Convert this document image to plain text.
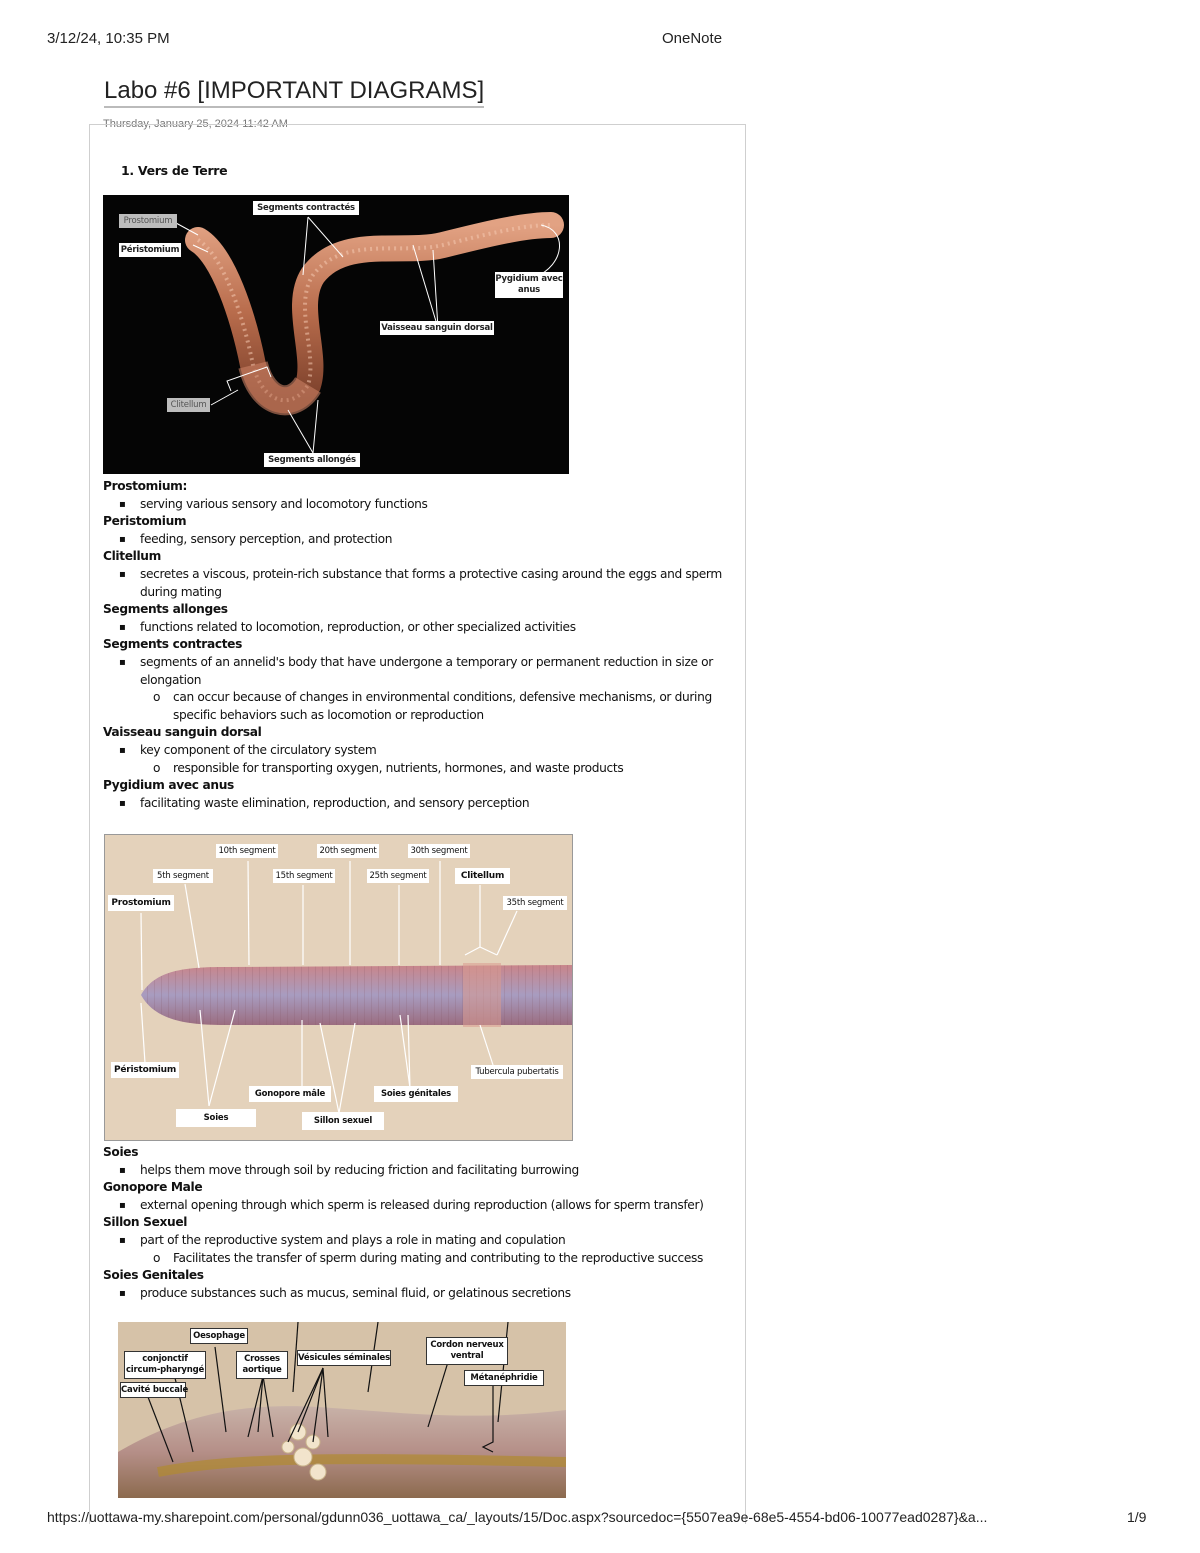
3/12/24, 10:35 PM	OneNote
Labo #6 [IMPORTANT DIAGRAMS]
Thursday, January 25, 2024 11:42 AM
1. Vers de Terre
Prostomium
Péristomium
Segments contractés
Pygidium avec anus
Vaisseau sanguin dorsal
Clitellum
Segments allongés
Prostomium:
▪ serving various sensory and locomotory functions
Peristomium
▪ feeding, sensory perception, and protection
Clitellum
▪ secretes a viscous, protein-rich substance that forms a protective casing around the eggs and sperm
during mating
Segments allonges
▪ functions related to locomotion, reproduction, or other specialized activities
Segments contractes
▪ segments of an annelid's body that have undergone a temporary or permanent reduction in size or
elongation
o can occur because of changes in environmental conditions, defensive mechanisms, or during
specific behaviors such as locomotion or reproduction
Vaisseau sanguin dorsal
▪ key component of the circulatory system
o responsible for transporting oxygen, nutrients, hormones, and waste products
Pygidium avec anus
▪ facilitating waste elimination, reproduction, and sensory perception
10th segment	20th segment	30th segment
5th segment	15th segment	25th segment	Clitellum
35th segment
Prostomium
Péristomium	Tubercula pubertatis
Gonopore mâle	Soies génitales
Soies	Sillon sexuel
Soies
▪ helps them move through soil by reducing friction and facilitating burrowing
Gonopore Male
▪ external opening through which sperm is released during reproduction (allows for sperm transfer)
Sillon Sexuel
▪ part of the reproductive system and plays a role in mating and copulation
o Facilitates the transfer of sperm during mating and contributing to the reproductive success
Soies Genitales
▪ produce substances such as mucus, seminal fluid, or gelatinous secretions
Oesophage
conjonctif circum-pharyngé
Crosses aortique
Vésicules séminales
Cordon nerveux ventral
Métanéphridie
Cavité buccale
https://uottawa-my.sharepoint.com/personal/gdunn036_uottawa_ca/_layouts/15/Doc.aspx?sourcedoc={5507ea9e-68e5-4554-bd06-10077ead0287}&a...	1/9
